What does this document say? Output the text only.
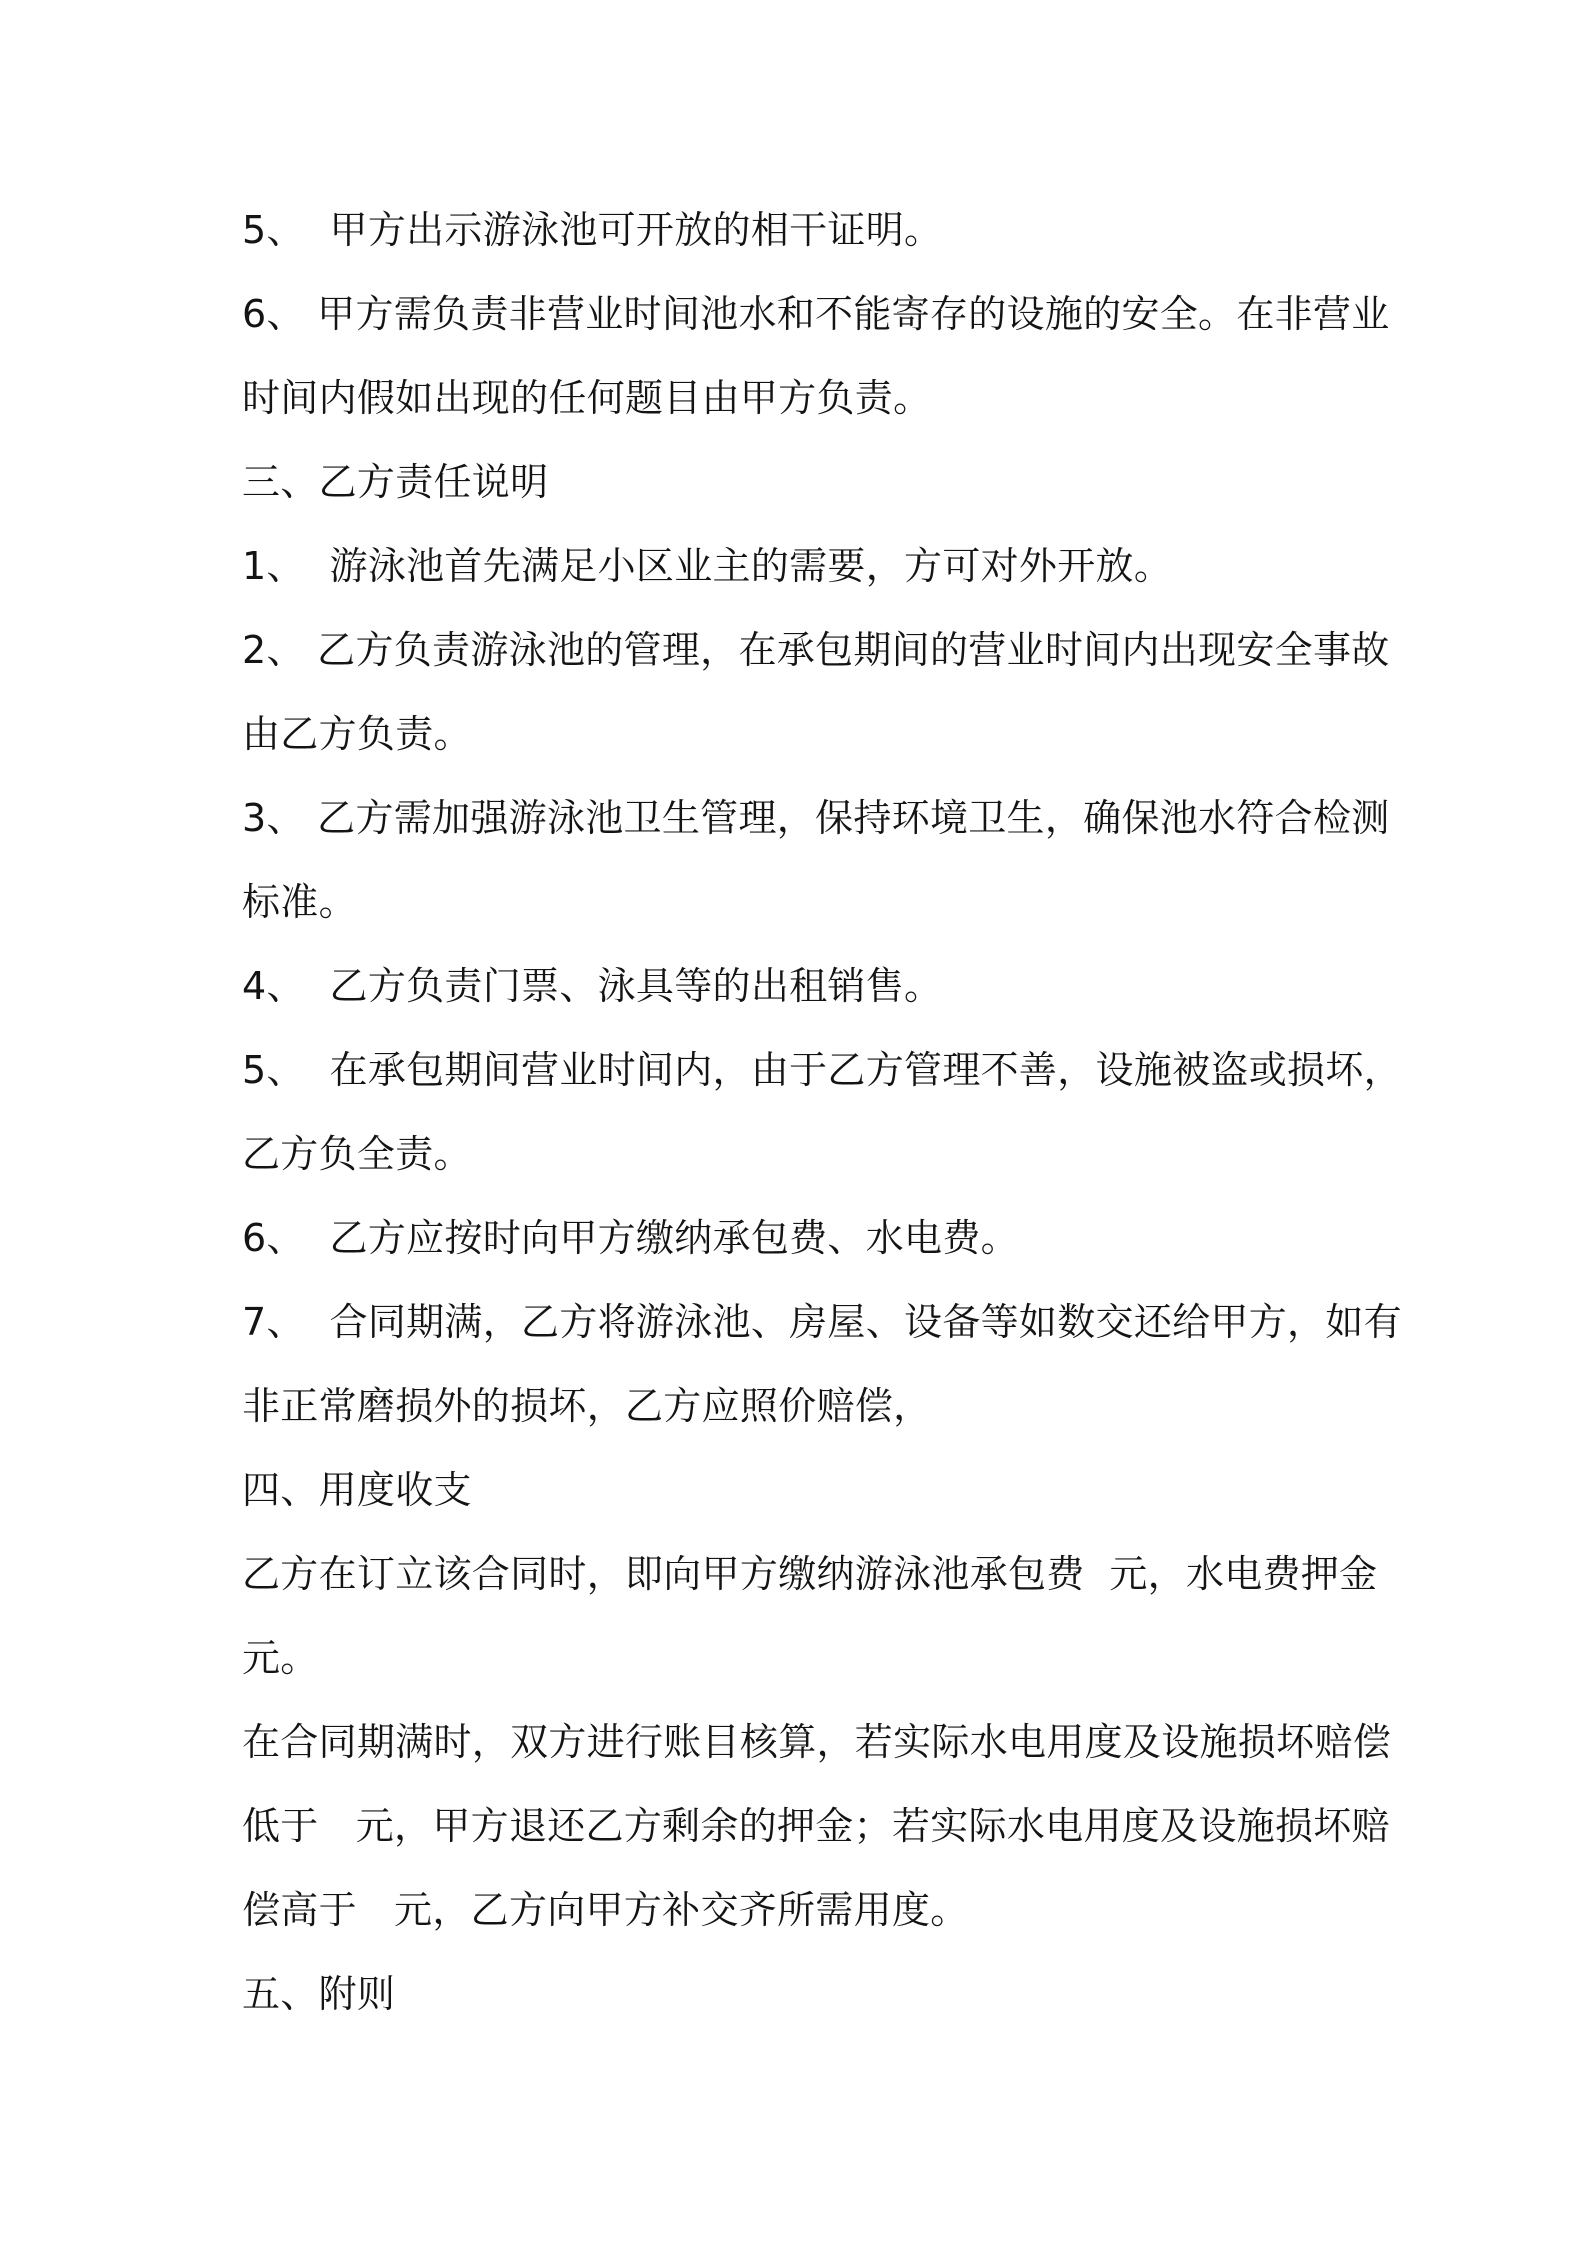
5、  甲方出示游泳池可开放的相干证明。
6、 甲方需负责非营业时间池水和不能寄存的设施的安全。在非营业
时间内假如出现的任何题目由甲方负责。
三、乙方责任说明
1、  游泳池首先满足小区业主的需要，方可对外开放。
2、 乙方负责游泳池的管理，在承包期间的营业时间内出现安全事故
由乙方负责。
3、 乙方需加强游泳池卫生管理，保持环境卫生，确保池水符合检测
标准。
4、  乙方负责门票、泳具等的出租销售。
5、  在承包期间营业时间内，由于乙方管理不善，设施被盗或损坏，
乙方负全责。
6、  乙方应按时向甲方缴纳承包费、水电费。
7、  合同期满，乙方将游泳池、房屋、设备等如数交还给甲方，如有
非正常磨损外的损坏，乙方应照价赔偿，
四、用度收支
乙方在订立该合同时，即向甲方缴纳游泳池承包费  元，水电费押金
元。
在合同期满时，双方进行账目核算，若实际水电用度及设施损坏赔偿
低于   元，甲方退还乙方剩余的押金；若实际水电用度及设施损坏赔
偿高于   元，乙方向甲方补交齐所需用度。
五、附则
